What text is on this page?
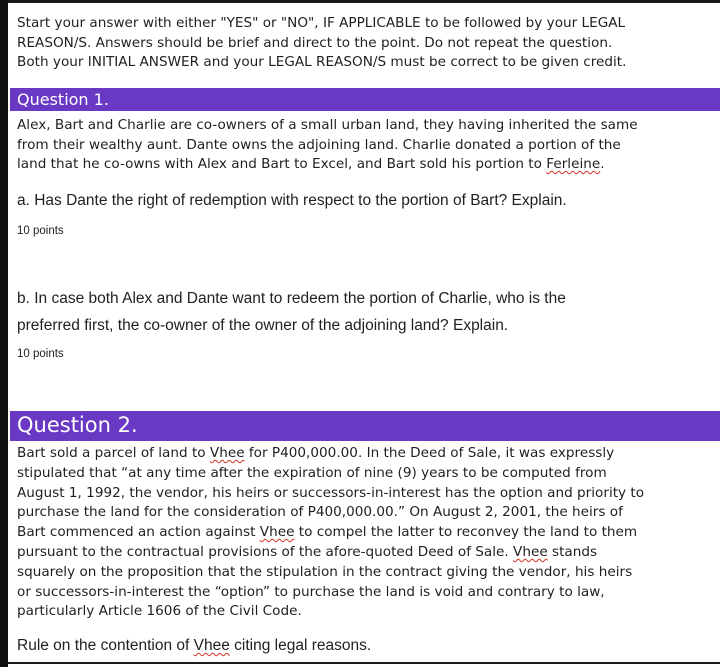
Start your answer with either "YES" or "NO", IF APPLICABLE to be followed by your LEGAL
REASON/S. Answers should be brief and direct to the point. Do not repeat the question.
Both your INITIAL ANSWER and your LEGAL REASON/S must be correct to be given credit.
Question 1.
Alex, Bart and Charlie are co-owners of a small urban land, they having inherited the same
from their wealthy aunt. Dante owns the adjoining land. Charlie donated a portion of the
land that he co-owns with Alex and Bart to Excel, and Bart sold his portion to Ferleine.
a. Has Dante the right of redemption with respect to the portion of Bart? Explain.
10 points
b. In case both Alex and Dante want to redeem the portion of Charlie, who is the
preferred first, the co-owner of the owner of the adjoining land? Explain.
10 points
Question 2.
Bart sold a parcel of land to Vhee for P400,000.00. In the Deed of Sale, it was expressly
stipulated that “at any time after the expiration of nine (9) years to be computed from
August 1, 1992, the vendor, his heirs or successors-in-interest has the option and priority to
purchase the land for the consideration of P400,000.00.” On August 2, 2001, the heirs of
Bart commenced an action against Vhee to compel the latter to reconvey the land to them
pursuant to the contractual provisions of the afore-quoted Deed of Sale. Vhee stands
squarely on the proposition that the stipulation in the contract giving the vendor, his heirs
or successors-in-interest the “option” to purchase the land is void and contrary to law,
particularly Article 1606 of the Civil Code.
Rule on the contention of Vhee citing legal reasons.
